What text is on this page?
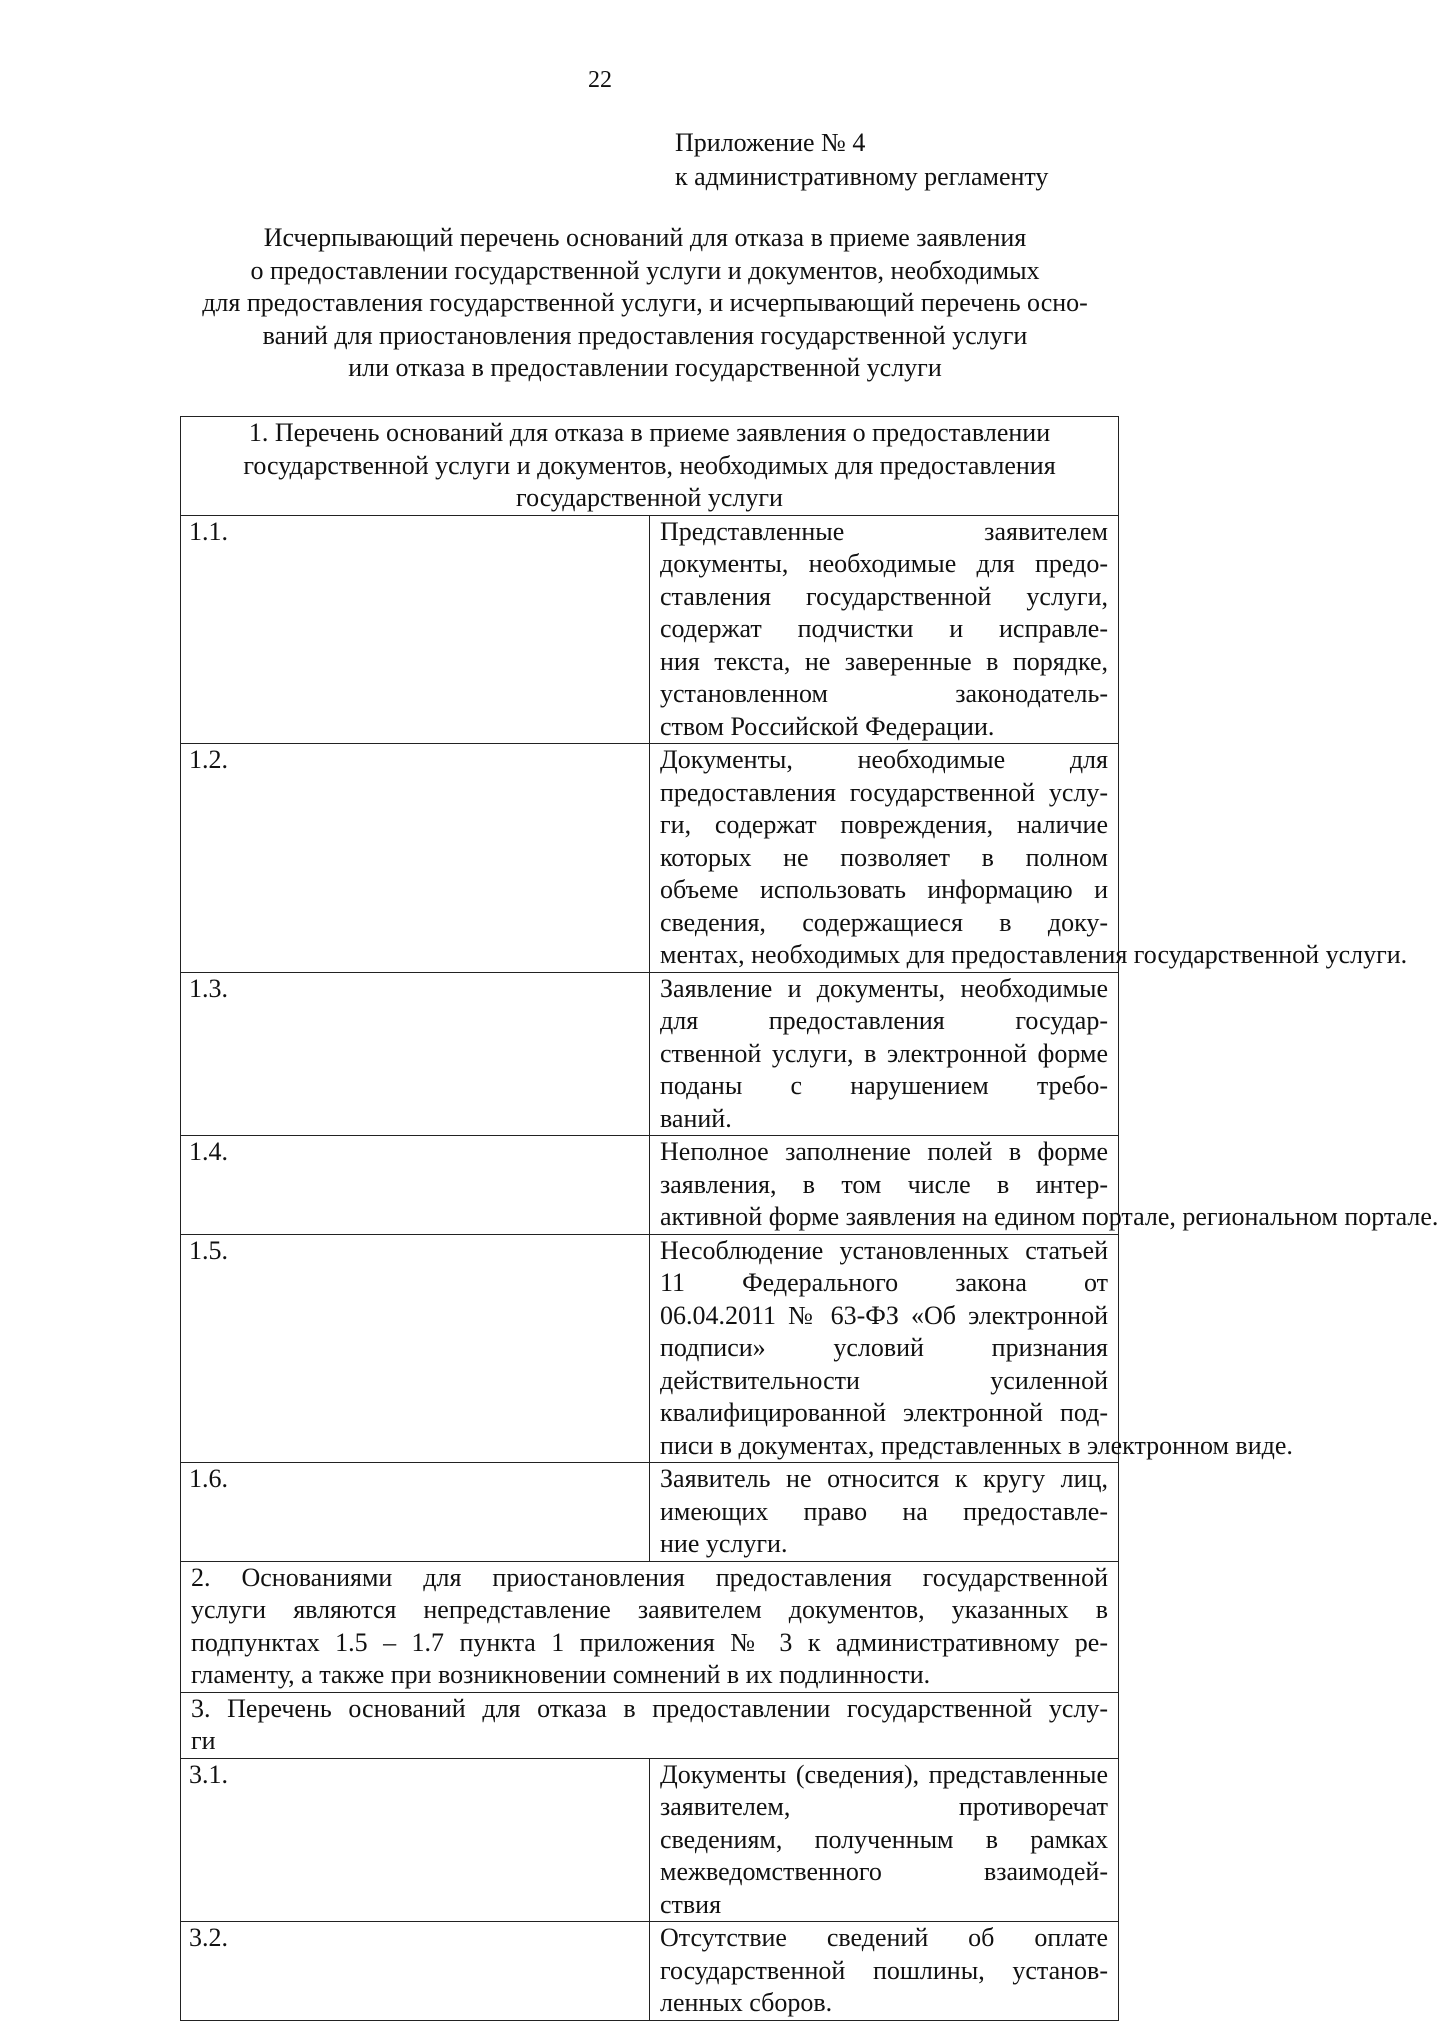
22
Приложение № 4
к административному регламенту
Исчерпывающий перечень оснований для отказа в приеме заявления
о предоставлении государственной услуги и документов, необходимых
для предоставления государственной услуги, и исчерпывающий перечень осно-
ваний для приостановления предоставления государственной услуги
или отказа в предоставлении государственной услуги
1. Перечень оснований для отказа в приеме заявления о предоставлении
государственной услуги и документов, необходимых для предоставления
государственной услуги	

1.1.	Представленные заявителем документы, необходимые для предо-
ставления государственной услуги, содержат подчистки и исправле-
ния текста, не заверенные в порядке, установленном законодатель-
ством Российской Федерации.

1.2.	Документы, необходимые для предоставления государственной услу-
ги, содержат повреждения, наличие которых не позволяет в полном
объеме использовать информацию и сведения, содержащиеся в доку-
ментах, необходимых для предоставления государственной услуги.

1.3.	Заявление и документы, необходимые для предоставления государ-
ственной услуги, в электронной форме поданы с нарушением требо-
ваний.

1.4.	Неполное заполнение полей в форме заявления, в том числе в интер-
активной форме заявления на едином портале, региональном портале.

1.5.	Несоблюдение установленных статьей 11 Федерального закона от
06.04.2011 № 63-ФЗ «Об электронной подписи» условий признания
действительности усиленной квалифицированной электронной под-
писи в документах, представленных в электронном виде.

1.6.	Заявитель не относится к кругу лиц, имеющих право на предоставле-
ние услуги.

2. Основаниями для приостановления предоставления государственной
услуги являются непредставление заявителем документов, указанных в
подпунктах 1.5 – 1.7 пункта 1 приложения № 3 к административному ре-
гламенту, а также при возникновении сомнений в их подлинности.	

3. Перечень оснований для отказа в предоставлении государственной услу-
ги	

3.1.	Документы (сведения), представленные заявителем, противоречат
сведениям, полученным в рамках межведомственного взаимодей-
ствия

3.2.	Отсутствие сведений об оплате государственной пошлины, установ-
ленных сборов.
